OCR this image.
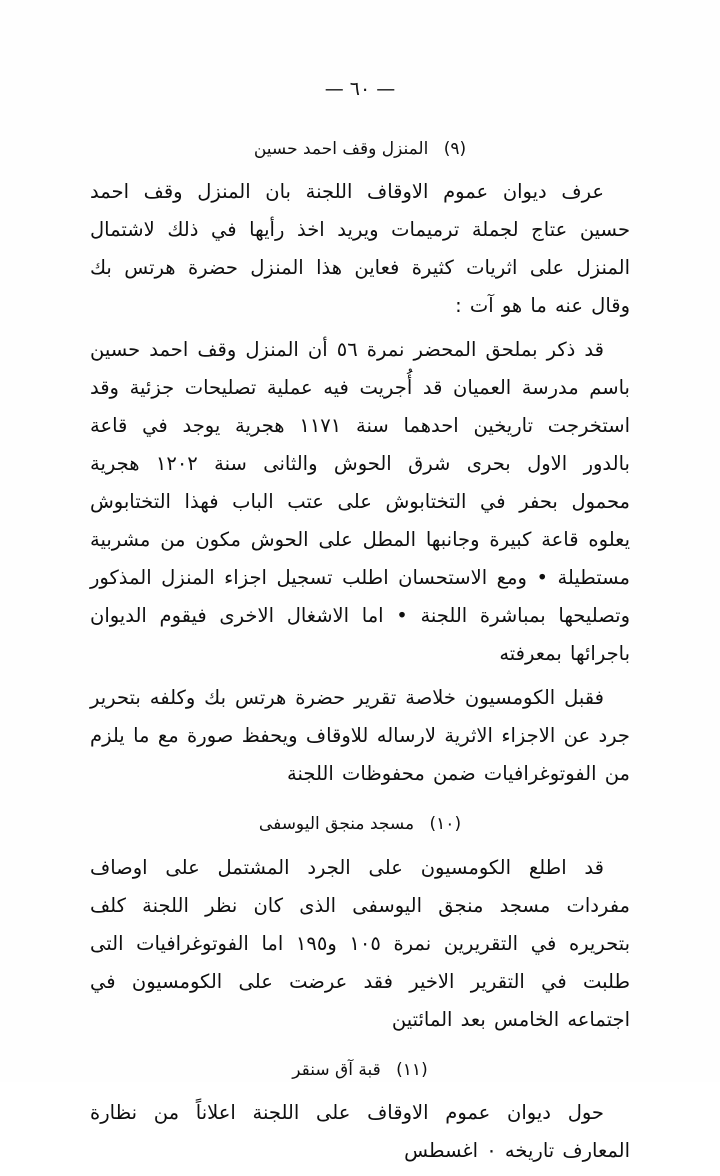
— ٦٠ —
(٩) المنزل وقف احمد حسين

عرف ديوان عموم الاوقاف اللجنة بان المنزل وقف احمد حسين عتاج لجملة ترميمات ويريد اخذ رأيها في ذلك لاشتمال المنزل على اثريات كثيرة فعاين هذا المنزل حضرة هرتس بك وقال عنه ما هو آت :

قد ذكر بملحق المحضر نمرة ٥٦ أن المنزل وقف احمد حسين باسم مدرسة العميان قد أُجريت فيه عملية تصليحات جزئية وقد استخرجت تاريخين احدهما سنة ١١٧١ هجرية يوجد في قاعة بالدور الاول بحرى شرق الحوش والثانى سنة ١٢٠٢ هجرية محمول بحفر في التختابوش على عتب الباب فهذا التختابوش يعلوه قاعة كبيرة وجانبها المطل على الحوش مكون من مشربية مستطيلة • ومع الاستحسان اطلب تسجيل اجزاء المنزل المذكور وتصليحها بمباشرة اللجنة • اما الاشغال الاخرى فيقوم الديوان باجرائها بمعرفته

فقبل الكومسيون خلاصة تقرير حضرة هرتس بك وكلفه بتحرير جرد عن الاجزاء الاثرية لارساله للاوقاف ويحفظ صورة مع ما يلزم من الفوتوغرافيات ضمن محفوظات اللجنة

(١٠) مسجد منجق اليوسفى

قد اطلع الكومسيون على الجرد المشتمل على اوصاف مفردات مسجد منجق اليوسفى الذى كان نظر اللجنة كلف بتحريره في التقريرين نمرة ١٠٥ و١٩٥ اما الفوتوغرافيات التى طلبت في التقرير الاخير فقد عرضت على الكومسيون في اجتماعه الخامس بعد المائتين

(١١) قبة آق سنقر

حول ديوان عموم الاوقاف على اللجنة اعلاناً من نظارة المعارف تاريخه ٠ اغسطس
